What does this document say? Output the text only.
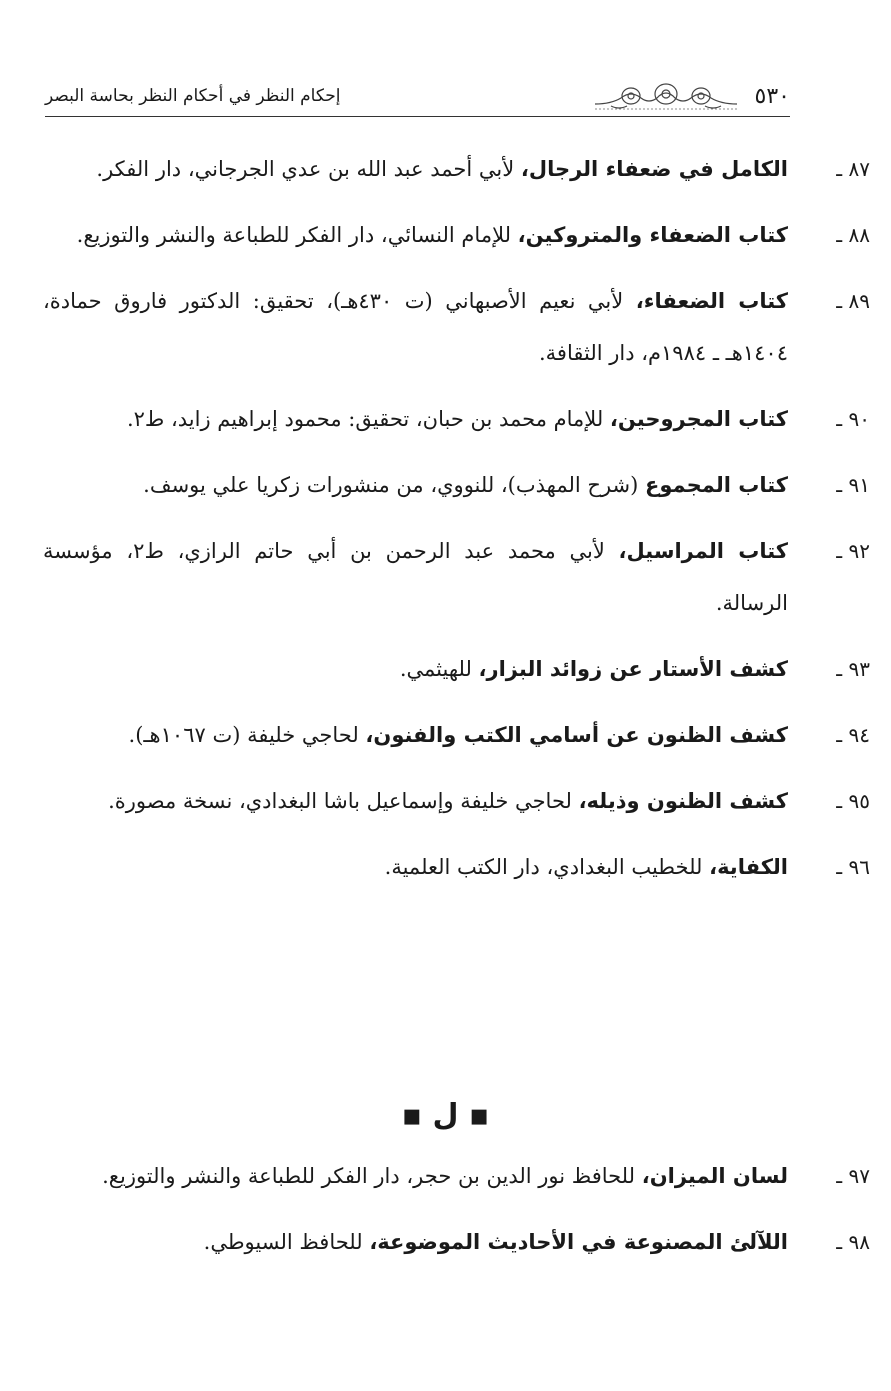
٥٣٠
إحكام النظر في أحكام النظر بحاسة البصر
٨٧ ـ
الكامل في ضعفاء الرجال، لأبي أحمد عبد الله بن عدي الجرجاني، دار الفكر.
٨٨ ـ
كتاب الضعفاء والمتروكين، للإمام النسائي، دار الفكر للطباعة والنشر والتوزيع.
٨٩ ـ
كتاب الضعفاء، لأبي نعيم الأصبهاني (ت ٤٣٠هـ)، تحقيق: الدكتور فاروق حمادة، ١٤٠٤هـ ـ ١٩٨٤م، دار الثقافة.
٩٠ ـ
كتاب المجروحين، للإمام محمد بن حبان، تحقيق: محمود إبراهيم زايد، ط٢.
٩١ ـ
كتاب المجموع (شرح المهذب)، للنووي، من منشورات زكريا علي يوسف.
٩٢ ـ
كتاب المراسيل، لأبي محمد عبد الرحمن بن أبي حاتم الرازي، ط٢، مؤسسة الرسالة.
٩٣ ـ
كشف الأستار عن زوائد البزار، للهيثمي.
٩٤ ـ
كشف الظنون عن أسامي الكتب والفنون، لحاجي خليفة (ت ١٠٦٧هـ).
٩٥ ـ
كشف الظنون وذيله، لحاجي خليفة وإسماعيل باشا البغدادي، نسخة مصورة.
٩٦ ـ
الكفاية، للخطيب البغدادي، دار الكتب العلمية.
▪ ل ▪
٩٧ ـ
لسان الميزان، للحافظ نور الدين بن حجر، دار الفكر للطباعة والنشر والتوزيع.
٩٨ ـ
اللآلئ المصنوعة في الأحاديث الموضوعة، للحافظ السيوطي.
